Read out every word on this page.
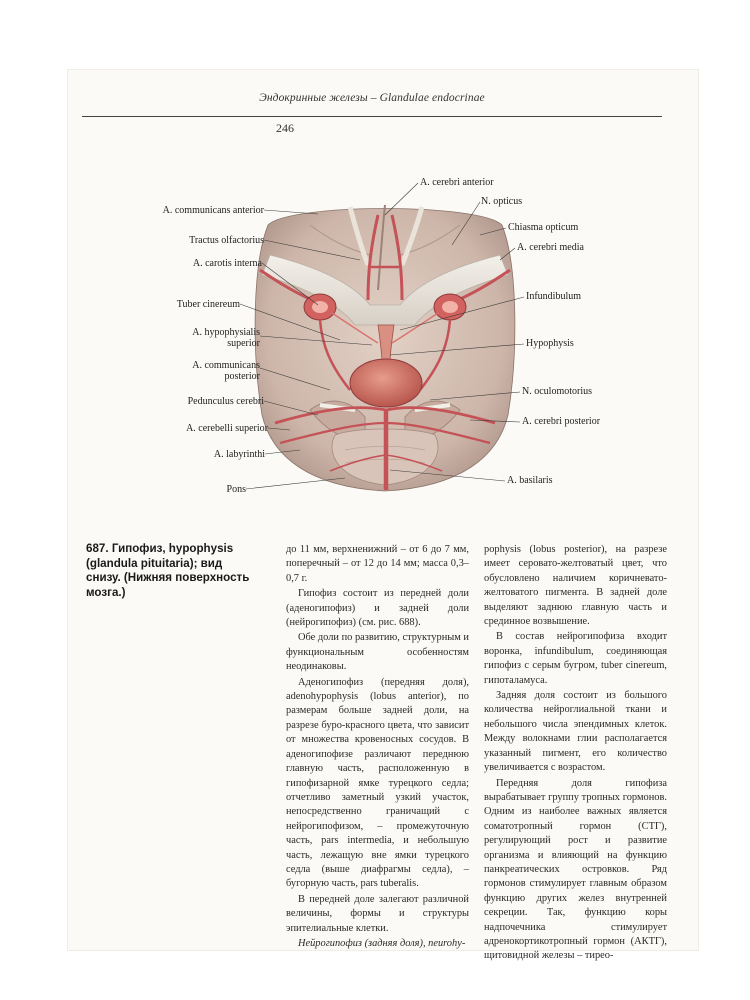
Эндокринные железы – Glandulae endocrinae
246
A. communicans anterior
Tractus olfactorius
A. carotis interna
Tuber cinereum
A. hypophysialis superior
A. communicans posterior
Pedunculus cerebri
A. cerebelli superior
A. labyrinthi
Pons
A. cerebri anterior
N. opticus
Chiasma opticum
A. cerebri media
Infundibulum
Hypophysis
N. oculomotorius
A. cerebri posterior
A. basilaris
687. Гипофиз, hypophysis (glandula pituitaria); вид снизу. (Нижняя поверхность мозга.)

до 11 мм, верхненижний – от 6 до 7 мм, поперечный – от 12 до 14 мм; масса 0,3–0,7 г.

Гипофиз состоит из передней доли (аденогипофиз) и задней доли (нейрогипофиз) (см. рис. 688).

Обе доли по развитию, структурным и функциональным особенностям неодинаковы.

Аденогипофиз (передняя доля), adenohypophysis (lobus anterior), по размерам больше задней доли, на разрезе буро-красного цвета, что зависит от множества кровеносных сосудов. В аденогипофизе различают переднюю главную часть, расположенную в гипофизарной ямке турецкого седла; отчетливо заметный узкий участок, непосредственно граничащий с нейрогипофизом, – промежуточную часть, pars intermedia, и небольшую часть, лежащую вне ямки турецкого седла (выше диафрагмы седла), – бугорную часть, pars tuberalis.

В передней доле залегают различной величины, формы и структуры эпителиальные клетки.

Нейрогипофиз (задняя доля), neurohy-

pophysis (lobus posterior), на разрезе имеет серовато-желтоватый цвет, что обусловлено наличием коричневато-желтоватого пигмента. В задней доле выделяют заднюю главную часть и срединное возвышение.

В состав нейрогипофиза входит воронка, infundibulum, соединяющая гипофиз с серым бугром, tuber cinereum, гипоталамуса.

Задняя доля состоит из большого количества нейроглиальной ткани и небольшого числа эпендимных клеток. Между волокнами глии располагается указанный пигмент, его количество увеличивается с возрастом.

Передняя доля гипофиза вырабатывает группу тропных гормонов. Одним из наиболее важных является соматотропный гормон (СТГ), регулирующий рост и развитие организма и влияющий на функцию панкреатических островков. Ряд гормонов стимулирует главным образом функцию других желез внутренней секреции. Так, функцию коры надпочечника стимулирует адренокортикотропный гормон (АКТГ), щитовидной железы – тирео-
